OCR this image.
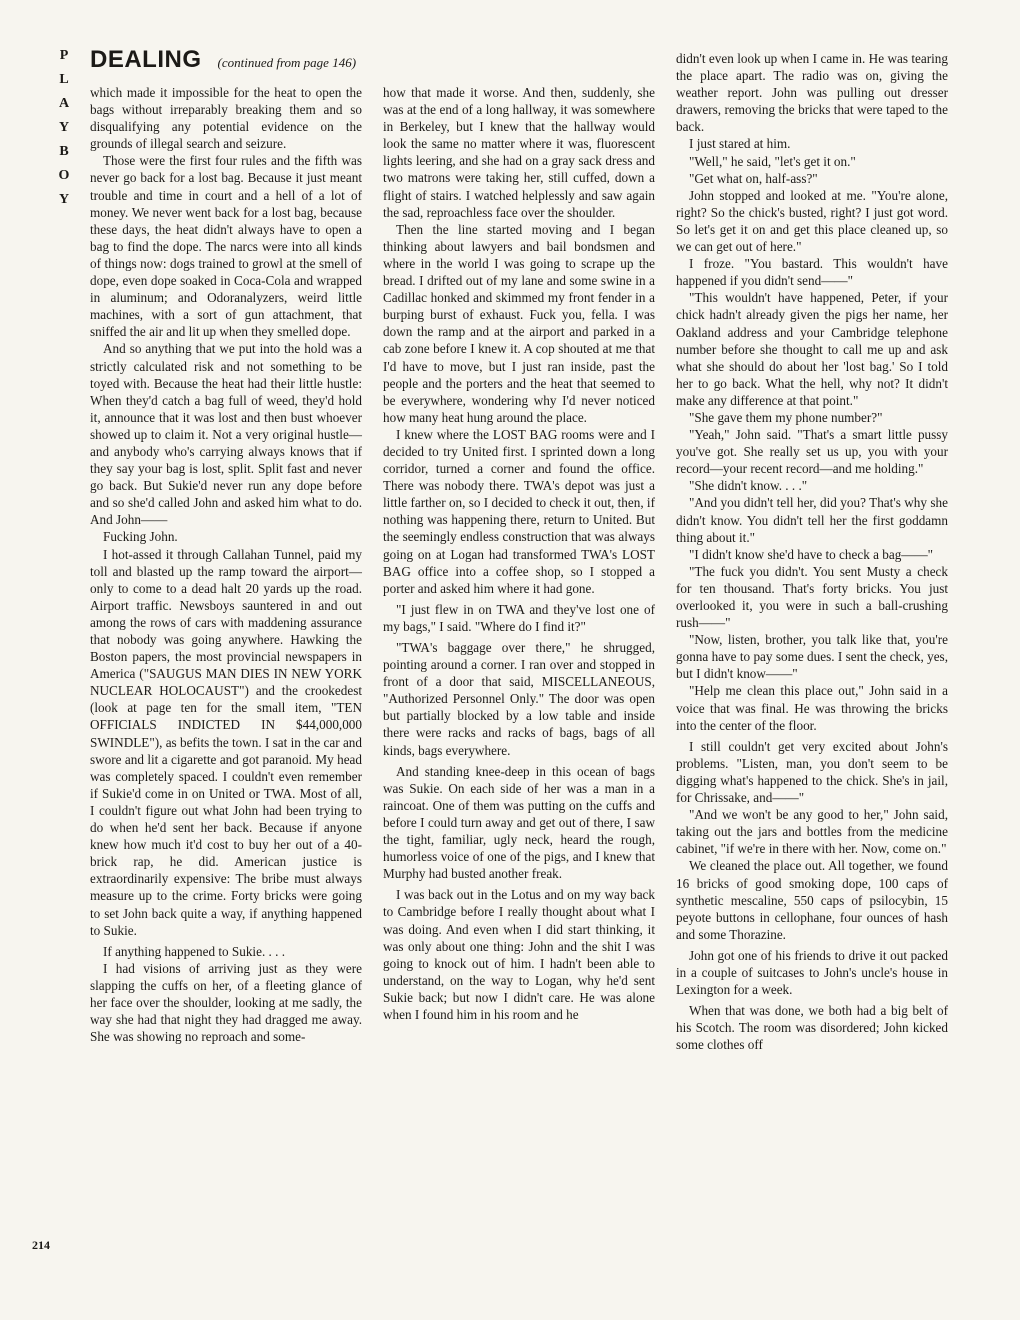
P
L
A
Y
B
O
Y
DEALING (continued from page 146)

which made it impossible for the heat to open the bags without irreparably breaking them and so disqualifying any potential evidence on the grounds of illegal search and seizure.

Those were the first four rules and the fifth was never go back for a lost bag. Because it just meant trouble and time in court and a hell of a lot of money. We never went back for a lost bag, because these days, the heat didn't always have to open a bag to find the dope. The narcs were into all kinds of things now: dogs trained to growl at the smell of dope, even dope soaked in Coca-Cola and wrapped in aluminum; and Odoranalyzers, weird little machines, with a sort of gun attachment, that sniffed the air and lit up when they smelled dope.

And so anything that we put into the hold was a strictly calculated risk and not something to be toyed with. Because the heat had their little hustle: When they'd catch a bag full of weed, they'd hold it, announce that it was lost and then bust whoever showed up to claim it. Not a very original hustle—and anybody who's carrying always knows that if they say your bag is lost, split. Split fast and never go back. But Sukie'd never run any dope before and so she'd called John and asked him what to do. And John——

Fucking John.

I hot-assed it through Callahan Tunnel, paid my toll and blasted up the ramp toward the airport—only to come to a dead halt 20 yards up the road. Airport traffic. Newsboys sauntered in and out among the rows of cars with maddening assurance that nobody was going anywhere. Hawking the Boston papers, the most provincial newspapers in America ("SAUGUS MAN DIES IN NEW YORK NUCLEAR HOLOCAUST") and the crookedest (look at page ten for the small item, "TEN OFFICIALS INDICTED IN $44,000,000 SWINDLE"), as befits the town. I sat in the car and swore and lit a cigarette and got paranoid. My head was completely spaced. I couldn't even remember if Sukie'd come in on United or TWA. Most of all, I couldn't figure out what John had been trying to do when he'd sent her back. Because if anyone knew how much it'd cost to buy her out of a 40-brick rap, he did. American justice is extraordinarily expensive: The bribe must always measure up to the crime. Forty bricks were going to set John back quite a way, if anything happened to Sukie.

If anything happened to Sukie. . . .

I had visions of arriving just as they were slapping the cuffs on her, of a fleeting glance of her face over the shoulder, looking at me sadly, the way she had that night they had dragged me away. She was showing no reproach and some-

how that made it worse. And then, suddenly, she was at the end of a long hallway, it was somewhere in Berkeley, but I knew that the hallway would look the same no matter where it was, fluorescent lights leering, and she had on a gray sack dress and two matrons were taking her, still cuffed, down a flight of stairs. I watched helplessly and saw again the sad, reproachless face over the shoulder.

Then the line started moving and I began thinking about lawyers and bail bondsmen and where in the world I was going to scrape up the bread. I drifted out of my lane and some swine in a Cadillac honked and skimmed my front fender in a burping burst of exhaust. Fuck you, fella. I was down the ramp and at the airport and parked in a cab zone before I knew it. A cop shouted at me that I'd have to move, but I just ran inside, past the people and the porters and the heat that seemed to be everywhere, wondering why I'd never noticed how many heat hung around the place.

I knew where the LOST BAG rooms were and I decided to try United first. I sprinted down a long corridor, turned a corner and found the office. There was nobody there. TWA's depot was just a little farther on, so I decided to check it out, then, if nothing was happening there, return to United. But the seemingly endless construction that was always going on at Logan had transformed TWA's LOST BAG office into a coffee shop, so I stopped a porter and asked him where it had gone.

"I just flew in on TWA and they've lost one of my bags," I said. "Where do I find it?"

"TWA's baggage over there," he shrugged, pointing around a corner. I ran over and stopped in front of a door that said, MISCELLANEOUS, "Authorized Personnel Only." The door was open but partially blocked by a low table and inside there were racks and racks of bags, bags of all kinds, bags everywhere.

And standing knee-deep in this ocean of bags was Sukie. On each side of her was a man in a raincoat. One of them was putting on the cuffs and before I could turn away and get out of there, I saw the tight, familiar, ugly neck, heard the rough, humorless voice of one of the pigs, and I knew that Murphy had busted another freak.

I was back out in the Lotus and on my way back to Cambridge before I really thought about what I was doing. And even when I did start thinking, it was only about one thing: John and the shit I was going to knock out of him. I hadn't been able to understand, on the way to Logan, why he'd sent Sukie back; but now I didn't care. He was alone when I found him in his room and he

didn't even look up when I came in. He was tearing the place apart. The radio was on, giving the weather report. John was pulling out dresser drawers, removing the bricks that were taped to the back.

I just stared at him.

"Well," he said, "let's get it on."

"Get what on, half-ass?"

John stopped and looked at me. "You're alone, right? So the chick's busted, right? I just got word. So let's get it on and get this place cleaned up, so we can get out of here."

I froze. "You bastard. This wouldn't have happened if you didn't send——"

"This wouldn't have happened, Peter, if your chick hadn't already given the pigs her name, her Oakland address and your Cambridge telephone number before she thought to call me up and ask what she should do about her 'lost bag.' So I told her to go back. What the hell, why not? It didn't make any difference at that point."

"She gave them my phone number?"

"Yeah," John said. "That's a smart little pussy you've got. She really set us up, you with your record—your recent record—and me holding."

"She didn't know. . . ."

"And you didn't tell her, did you? That's why she didn't know. You didn't tell her the first goddamn thing about it."

"I didn't know she'd have to check a bag——"

"The fuck you didn't. You sent Musty a check for ten thousand. That's forty bricks. You just overlooked it, you were in such a ball-crushing rush——"

"Now, listen, brother, you talk like that, you're gonna have to pay some dues. I sent the check, yes, but I didn't know——"

"Help me clean this place out," John said in a voice that was final. He was throwing the bricks into the center of the floor.

I still couldn't get very excited about John's problems. "Listen, man, you don't seem to be digging what's happened to the chick. She's in jail, for Chrissake, and——"

"And we won't be any good to her," John said, taking out the jars and bottles from the medicine cabinet, "if we're in there with her. Now, come on."

We cleaned the place out. All together, we found 16 bricks of good smoking dope, 100 caps of synthetic mescaline, 550 caps of psilocybin, 15 peyote buttons in cellophane, four ounces of hash and some Thorazine.

John got one of his friends to drive it out packed in a couple of suitcases to John's uncle's house in Lexington for a week.

When that was done, we both had a big belt of his Scotch. The room was disordered; John kicked some clothes off

214
